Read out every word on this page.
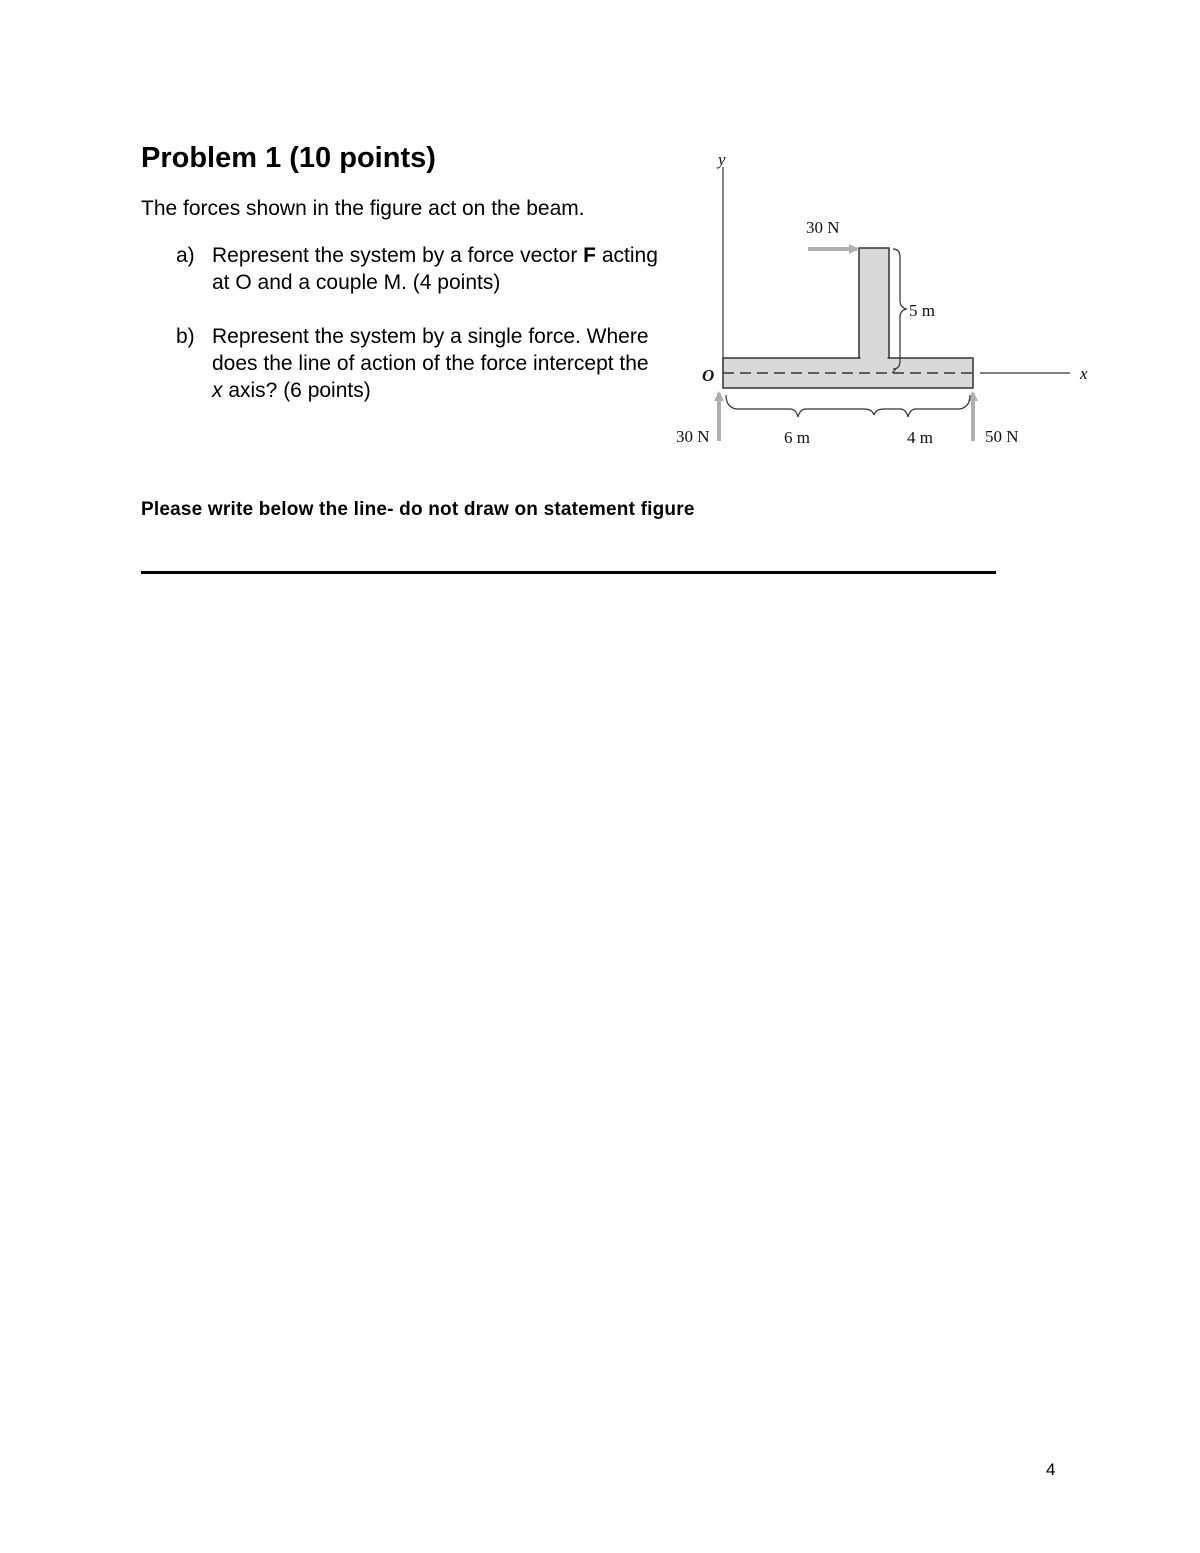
Problem 1 (10 points)

The forces shown in the figure act on the beam.

a) Represent the system by a force vector F acting at O and a couple M. (4 points)
b) Represent the system by a single force. Where does the line of action of the force intercept the x axis? (6 points)
y
x
O
30 N
30 N	50 N
5 m
6 m	4 m

Please write below the line- do not draw on statement figure

4
